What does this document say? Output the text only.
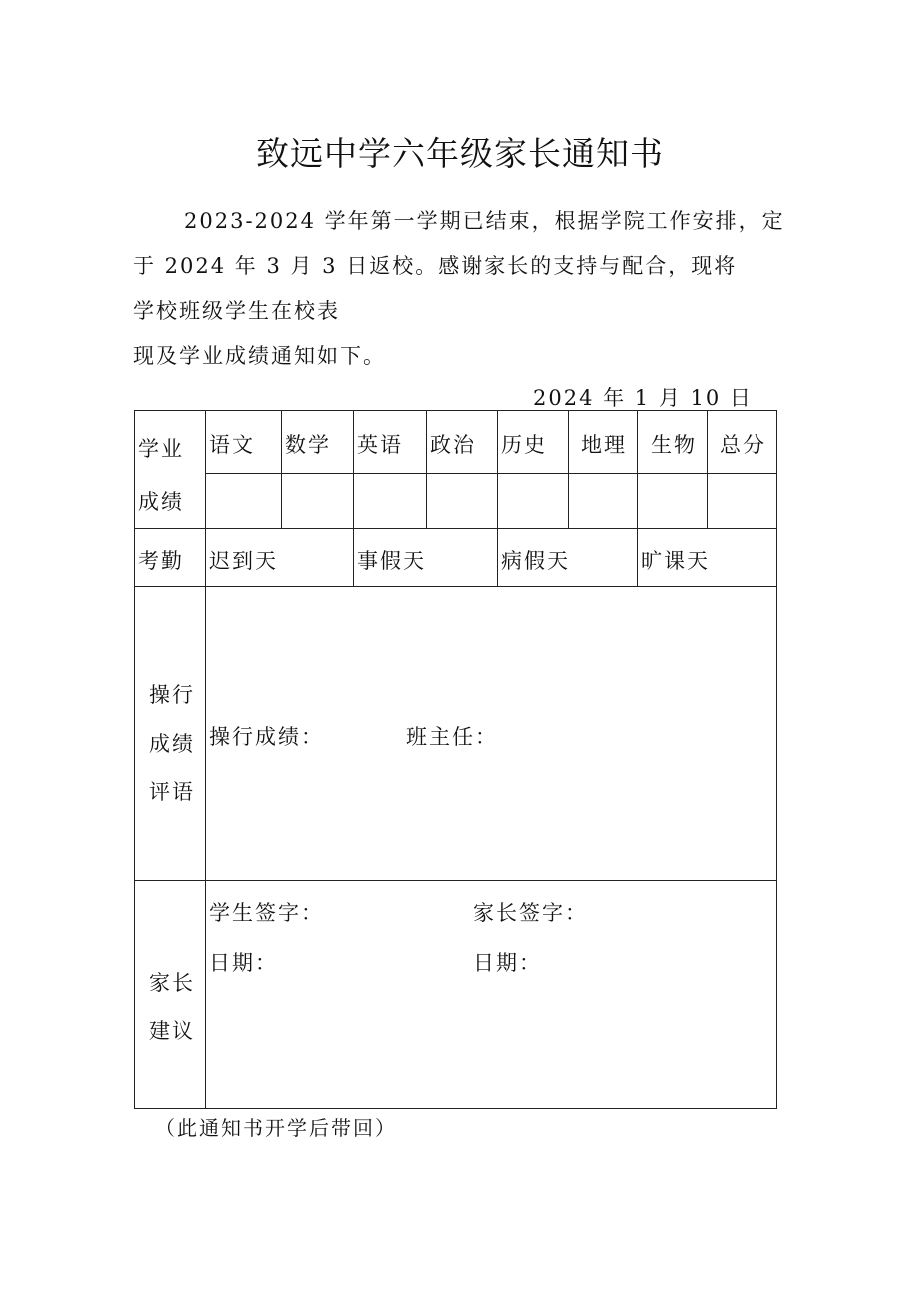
致远中学六年级家长通知书
2023-2024 学年第一学期已结束，根据学院工作安排，定
于 2024 年 3 月 3 日返校。感谢家长的支持与配合，现将
学校班级学生在校表
现及学业成绩通知如下。
2024 年 1 月 10 日
学业
成绩	语文	数学	英语	政治	历史	地理	生物	总分

考勤	迟到天		事假天		病假天		旷课天	

操行
成绩
评语	操行成绩： 班主任：							

家长
建议	学生签字： 家长签字：
日期： 日期：							
（此通知书开学后带回）
